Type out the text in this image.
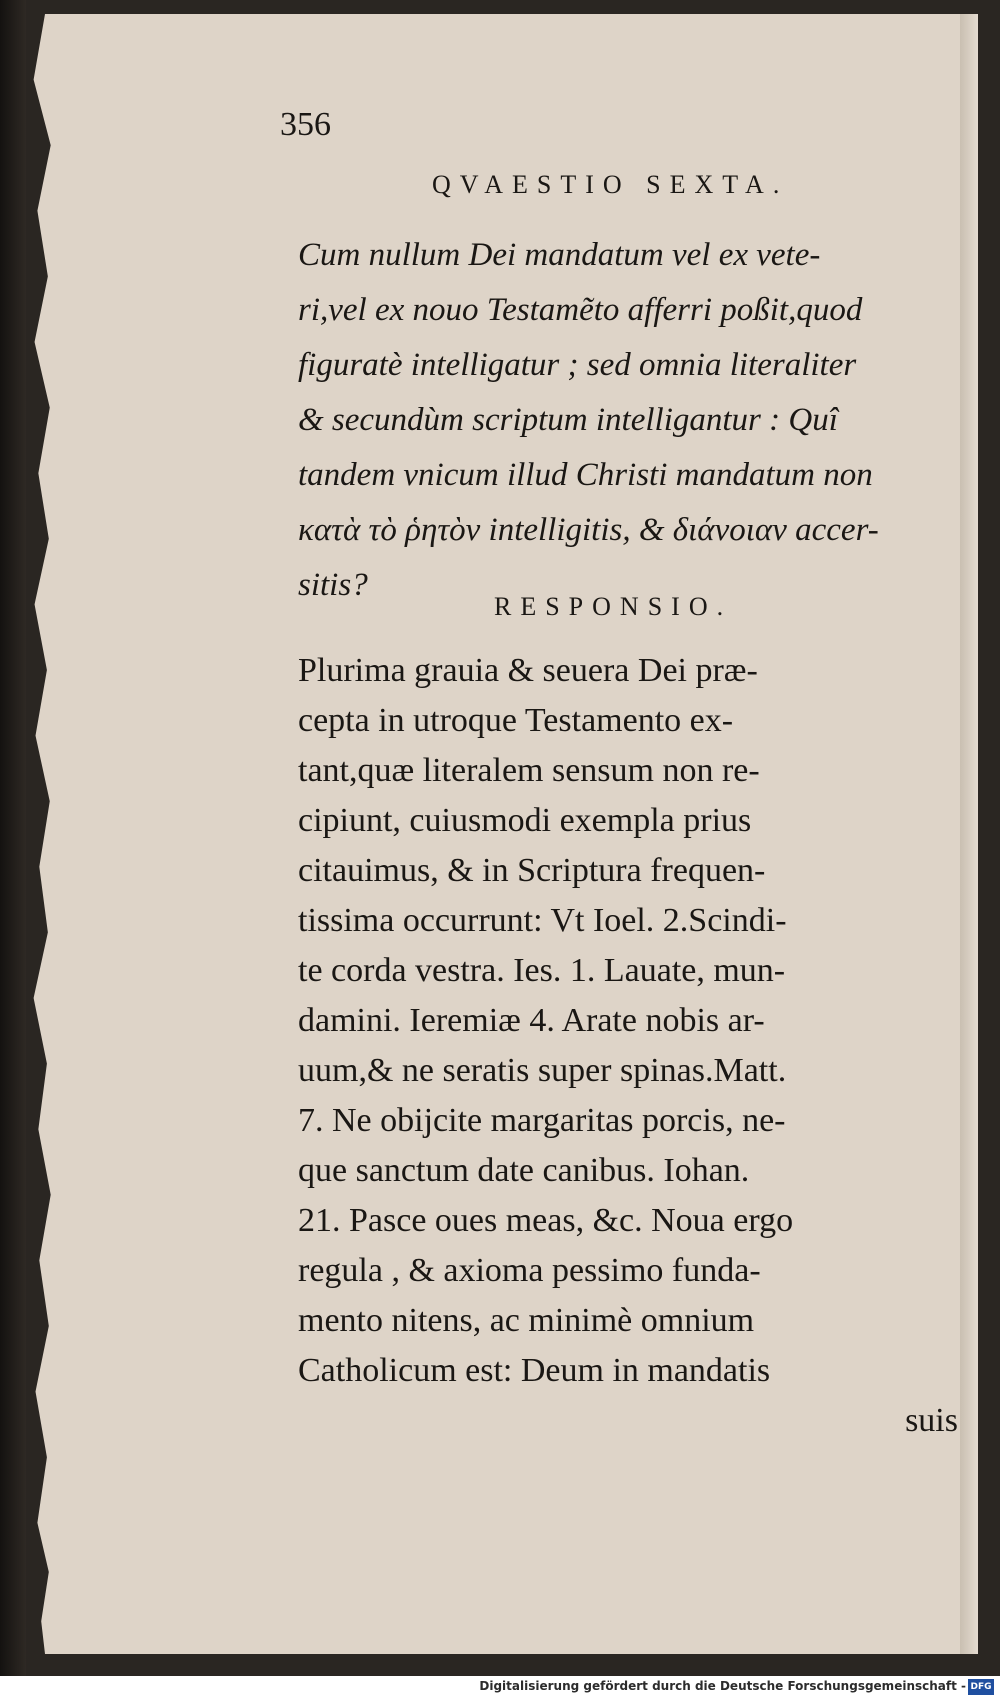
356
QVAESTIO SEXTA.
Cum nullum Dei mandatum vel ex vete-
ri,vel ex nouo Testamẽto afferri poßit,quod
figuratè intelligatur ; sed omnia literaliter
& secundùm scriptum intelligantur : Quî
tandem vnicum illud Christi mandatum non
κατὰ τὸ ῥητὸν intelligitis, & διάνοιαν accer-
sitis?
RESPONSIO.
Plurima grauia & seuera Dei præ-
cepta in utroque Testamento ex-
tant,quæ literalem sensum non re-
cipiunt, cuiusmodi exempla prius
citauimus, & in Scriptura frequen-
tissima occurrunt: Vt Ioel. 2.Scindi-
te corda vestra. Ies. 1. Lauate, mun-
damini. Ieremiæ 4. Arate nobis ar-
uum,& ne seratis super spinas.Matt.
7. Ne obijcite margaritas porcis, ne-
que sanctum date canibus. Iohan.
21. Pasce oues meas, &c. Noua ergo
regula , & axioma pessimo funda-
mento nitens, ac minimè omnium
Catholicum est: Deum in mandatis
suis
Digitalisierung gefördert durch die Deutsche Forschungsgemeinschaft - DFG
